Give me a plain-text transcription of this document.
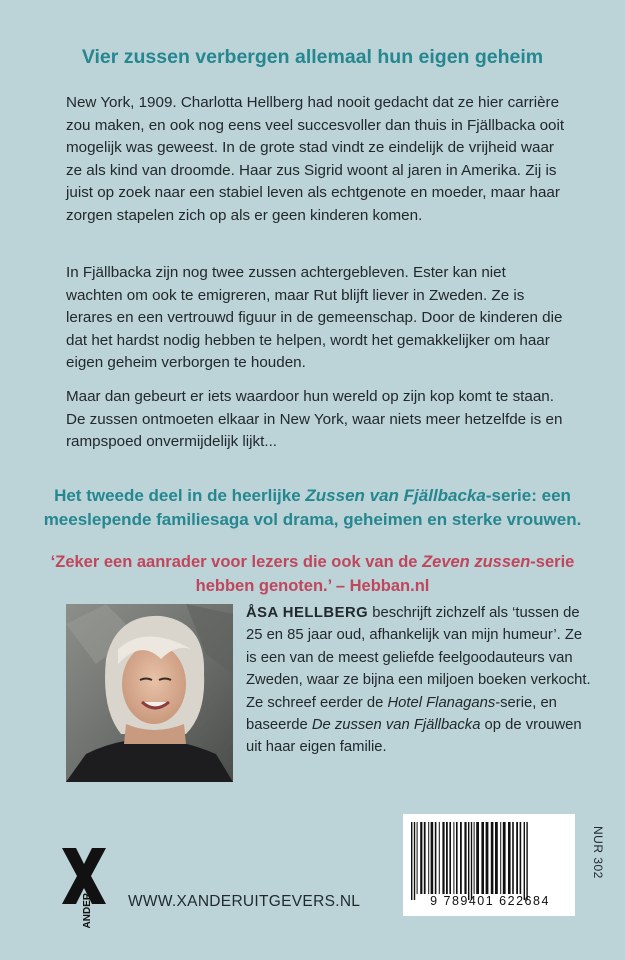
Vier zussen verbergen allemaal hun eigen geheim

New York, 1909. Charlotta Hellberg had nooit gedacht dat ze hier carrière zou maken, en ook nog eens veel succesvoller dan thuis in Fjällbacka ooit mogelijk was geweest. In de grote stad vindt ze eindelijk de vrijheid waar ze als kind van droomde. Haar zus Sigrid woont al jaren in Amerika. Zij is juist op zoek naar een stabiel leven als echtgenote en moeder, maar haar zorgen stapelen zich op als er geen kinderen komen.

In Fjällbacka zijn nog twee zussen achtergebleven. Ester kan niet wachten om ook te emigreren, maar Rut blijft liever in Zweden. Ze is lerares en een vertrouwd figuur in de gemeenschap. Door de kinderen die dat het hardst nodig hebben te helpen, wordt het gemakkelijker om haar eigen geheim verborgen te houden.

Maar dan gebeurt er iets waardoor hun wereld op zijn kop komt te staan. De zussen ontmoeten elkaar in New York, waar niets meer hetzelfde is en rampspoed onvermijdelijk lijkt...

Het tweede deel in de heerlijke Zussen van Fjällbacka-serie: een meeslepende familiesaga vol drama, geheimen en sterke vrouwen.
‘Zeker een aanrader voor lezers die ook van de Zeven zussen-serie hebben genoten.’ – Hebban.nl
ÅSA HELLBERG beschrijft zichzelf als ‘tussen de 25 en 85 jaar oud, afhankelijk van mijn humeur’. Ze is een van de meest geliefde feelgoodauteurs van Zweden, waar ze bijna een miljoen boeken verkocht. Ze schreef eerder de Hotel Flanagans-serie, en baseerde De zussen van Fjällbacka op de vrouwen uit haar eigen familie.
9 789401 622684
NUR 302
XANDER WWW.XANDERUITGEVERS.NL
